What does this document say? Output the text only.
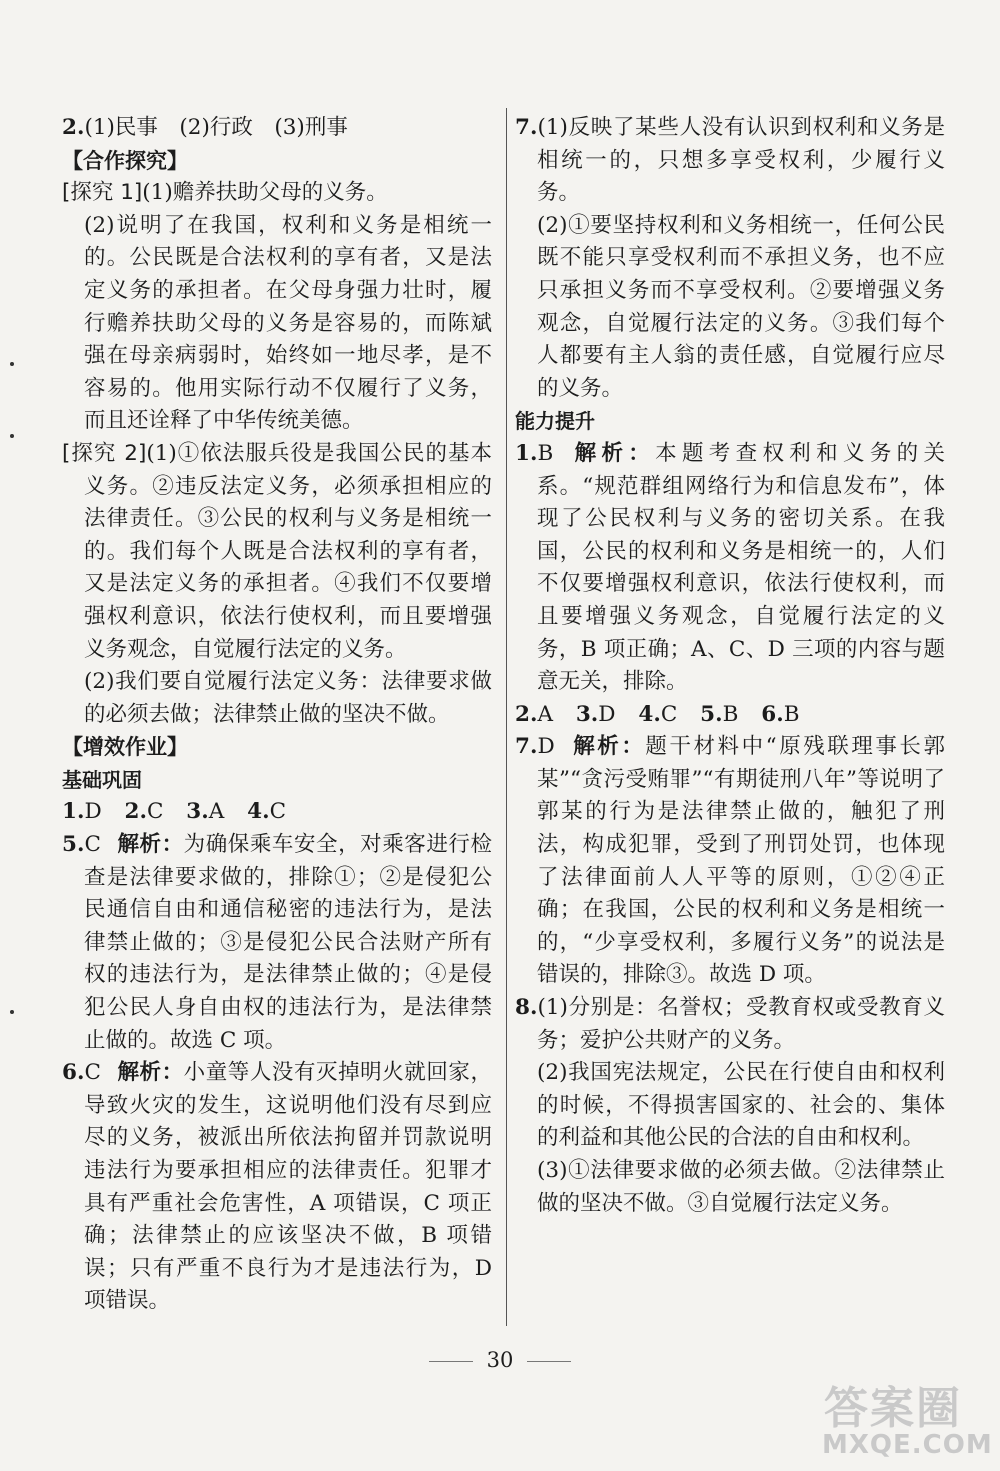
2.(1)民事　(2)行政　(3)刑事

【合作探究】

[探究 1](1)赡养扶助父母的义务。

(2)说明了在我国，权利和义务是相统一的。公民既是合法权利的享有者，又是法定义务的承担者。在父母身强力壮时，履行赡养扶助父母的义务是容易的，而陈斌强在母亲病弱时，始终如一地尽孝，是不容易的。他用实际行动不仅履行了义务，而且还诠释了中华传统美德。

[探究 2](1)①依法服兵役是我国公民的基本义务。②违反法定义务，必须承担相应的法律责任。③公民的权利与义务是相统一的。我们每个人既是合法权利的享有者，又是法定义务的承担者。④我们不仅要增强权利意识，依法行使权利，而且要增强义务观念，自觉履行法定的义务。

(2)我们要自觉履行法定义务：法律要求做的必须去做；法律禁止做的坚决不做。

【增效作业】

基础巩固

1.D 2.C 3.A 4.C

5.C 解析：为确保乘车安全，对乘客进行检查是法律要求做的，排除①；②是侵犯公民通信自由和通信秘密的违法行为，是法律禁止做的；③是侵犯公民合法财产所有权的违法行为，是法律禁止做的；④是侵犯公民人身自由权的违法行为，是法律禁止做的。故选 C 项。

6.C 解析：小童等人没有灭掉明火就回家，导致火灾的发生，这说明他们没有尽到应尽的义务，被派出所依法拘留并罚款说明违法行为要承担相应的法律责任。犯罪才具有严重社会危害性，A 项错误，C 项正确；法律禁止的应该坚决不做，B 项错误；只有严重不良行为才是违法行为，D 项错误。

7.(1)反映了某些人没有认识到权利和义务是相统一的，只想多享受权利，少履行义务。

(2)①要坚持权利和义务相统一，任何公民既不能只享受权利而不承担义务，也不应只承担义务而不享受权利。②要增强义务观念，自觉履行法定的义务。③我们每个人都要有主人翁的责任感，自觉履行应尽的义务。

能力提升

1.B 解析：本题考查权利和义务的关系。“规范群组网络行为和信息发布”，体现了公民权利与义务的密切关系。在我国，公民的权利和义务是相统一的，人们不仅要增强权利意识，依法行使权利，而且要增强义务观念，自觉履行法定的义务，B 项正确；A、C、D 三项的内容与题意无关，排除。

2.A 3.D 4.C 5.B 6.B

7.D 解析：题干材料中“原残联理事长郭某”“贪污受贿罪”“有期徒刑八年”等说明了郭某的行为是法律禁止做的，触犯了刑法，构成犯罪，受到了刑罚处罚，也体现了法律面前人人平等的原则，①②④正确；在我国，公民的权利和义务是相统一的，“少享受权利，多履行义务”的说法是错误的，排除③。故选 D 项。

8.(1)分别是：名誉权；受教育权或受教育义务；爱护公共财产的义务。

(2)我国宪法规定，公民在行使自由和权利的时候，不得损害国家的、社会的、集体的利益和其他公民的合法的自由和权利。

(3)①法律要求做的必须去做。②法律禁止做的坚决不做。③自觉履行法定义务。

30
答案圈
MXQE.COM
